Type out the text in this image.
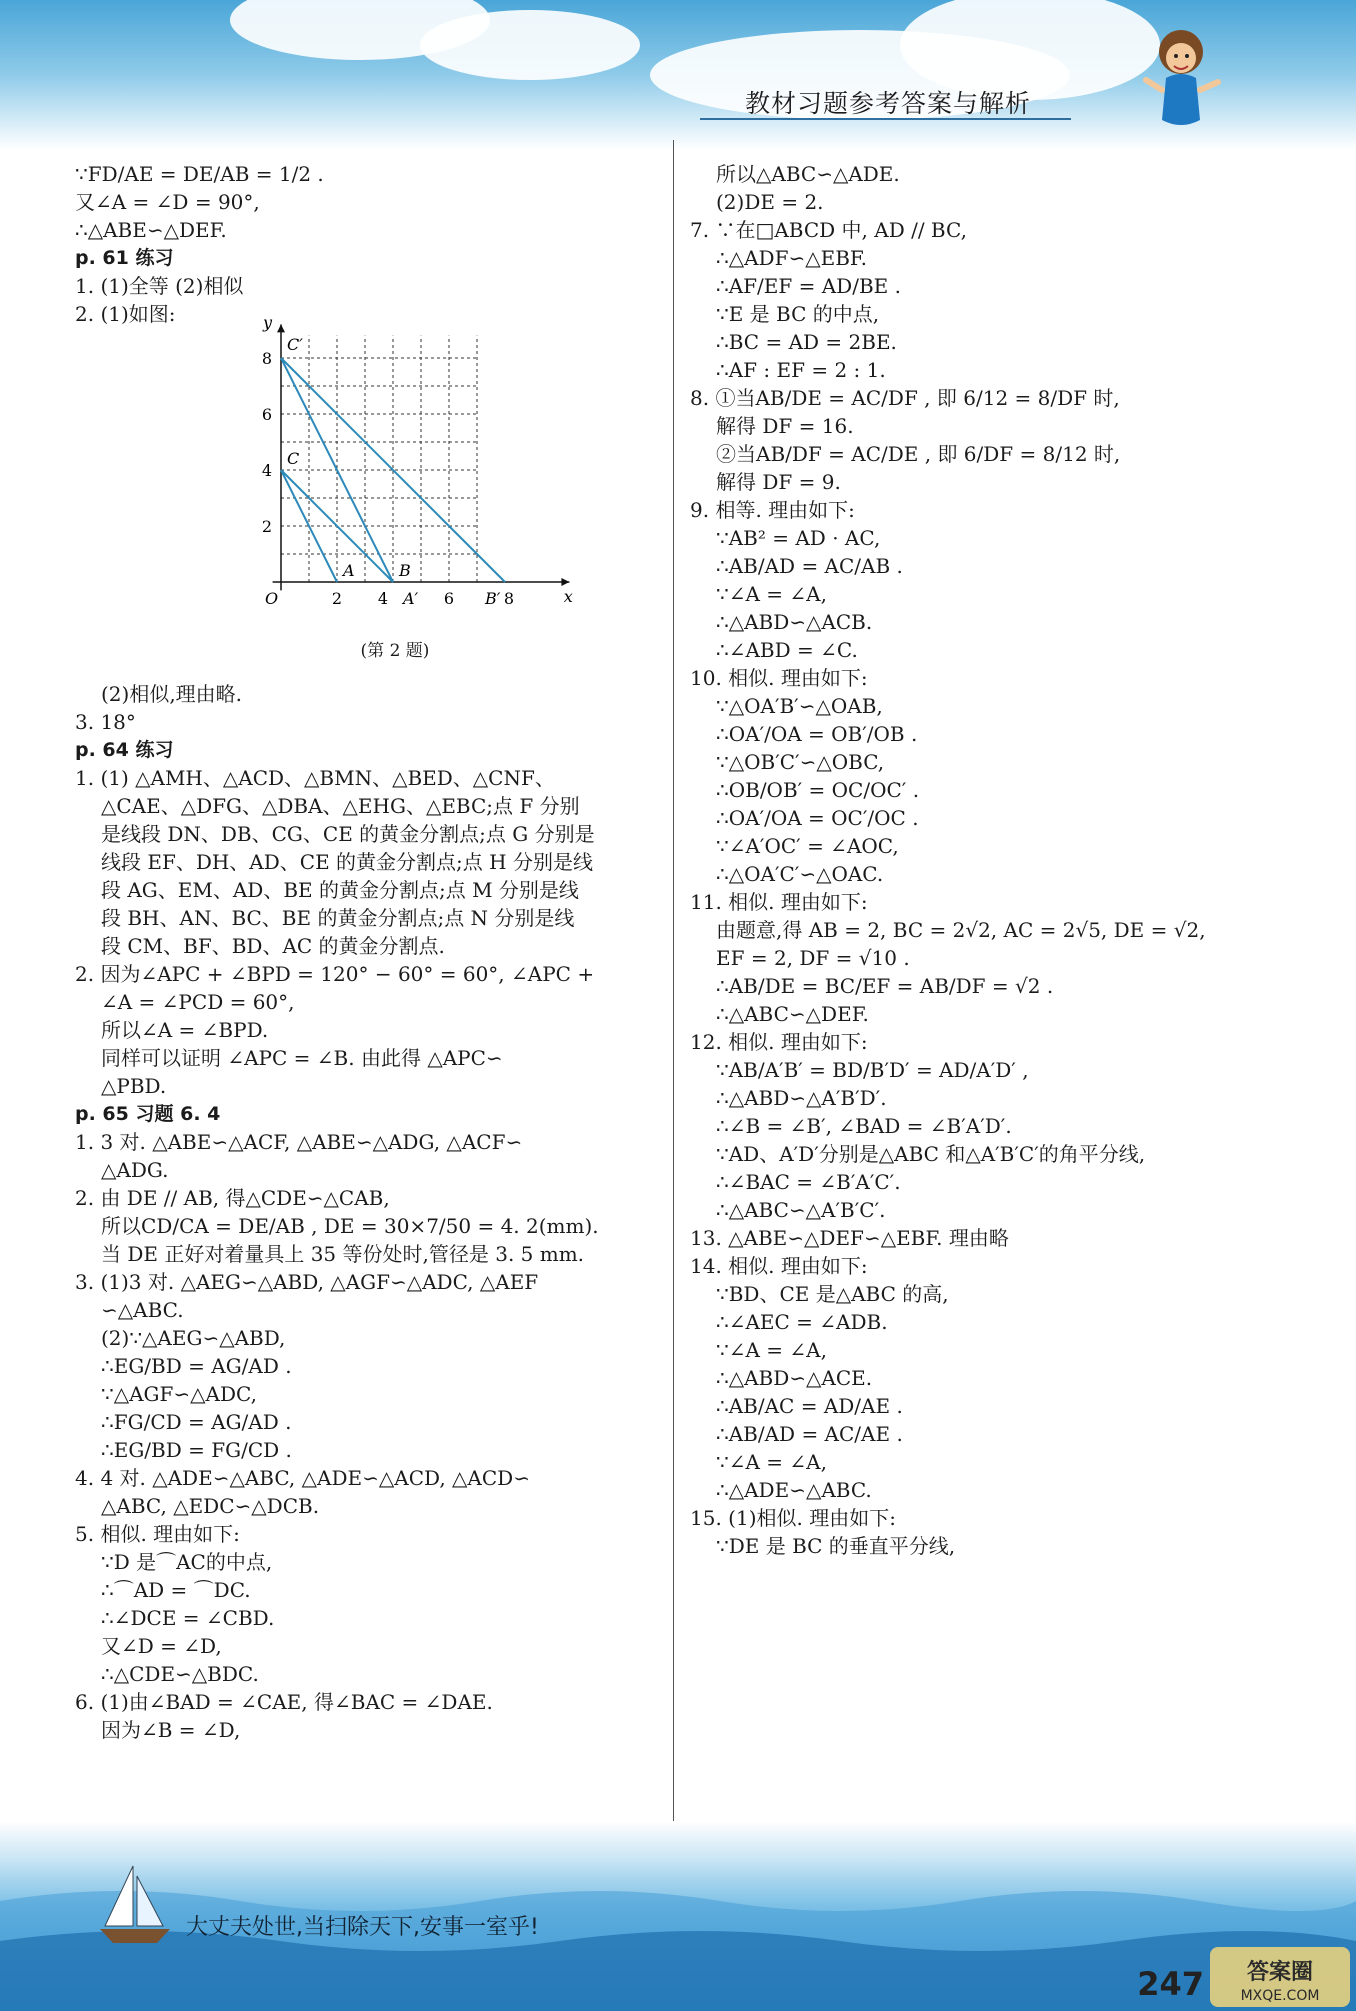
教材习题参考答案与解析

∵FD/AE = DE/AB = 1/2 .

又∠A = ∠D = 90°,

∴△ABE∽△DEF.

p. 61 练习

1. (1)全等 (2)相似

2. (1)如图:

2 4	6	8
2
4
6
8
O	x
y
C′
C
A	B
A′	B′

(第 2 题)

(2)相似,理由略.

3. 18°

p. 64 练习

1. (1) △AMH、△ACD、△BMN、△BED、△CNF、

△CAE、△DFG、△DBA、△EHG、△EBC;点 F 分别

是线段 DN、DB、CG、CE 的黄金分割点;点 G 分别是

线段 EF、DH、AD、CE 的黄金分割点;点 H 分别是线

段 AG、EM、AD、BE 的黄金分割点;点 M 分别是线

段 BH、AN、BC、BE 的黄金分割点;点 N 分别是线

段 CM、BF、BD、AC 的黄金分割点.

2. 因为∠APC + ∠BPD = 120° − 60° = 60°, ∠APC +

∠A = ∠PCD = 60°,

所以∠A = ∠BPD.

同样可以证明 ∠APC = ∠B. 由此得 △APC∽

△PBD.

p. 65 习题 6. 4

1. 3 对. △ABE∽△ACF, △ABE∽△ADG, △ACF∽

△ADG.

2. 由 DE // AB, 得△CDE∽△CAB,

所以CD/CA = DE/AB , DE = 30×7/50 = 4. 2(mm).

当 DE 正好对着量具上 35 等份处时,管径是 3. 5 mm.

3. (1)3 对. △AEG∽△ABD, △AGF∽△ADC, △AEF

∽△ABC.

(2)∵△AEG∽△ABD,

∴EG/BD = AG/AD .

∵△AGF∽△ADC,

∴FG/CD = AG/AD .

∴EG/BD = FG/CD .

4. 4 对. △ADE∽△ABC, △ADE∽△ACD, △ACD∽

△ABC, △EDC∽△DCB.

5. 相似. 理由如下:

∵D 是⌒AC的中点,

∴⌒AD = ⌒DC.

∴∠DCE = ∠CBD.

又∠D = ∠D,

∴△CDE∽△BDC.

6. (1)由∠BAD = ∠CAE, 得∠BAC = ∠DAE.

因为∠B = ∠D,

所以△ABC∽△ADE.

(2)DE = 2.

7. ∵在□ABCD 中, AD // BC,

∴△ADF∽△EBF.

∴AF/EF = AD/BE .

∵E 是 BC 的中点,

∴BC = AD = 2BE.

∴AF : EF = 2 : 1.

8. ①当AB/DE = AC/DF , 即 6/12 = 8/DF 时,

解得 DF = 16.

②当AB/DF = AC/DE , 即 6/DF = 8/12 时,

解得 DF = 9.

9. 相等. 理由如下:

∵AB² = AD · AC,

∴AB/AD = AC/AB .

∵∠A = ∠A,

∴△ABD∽△ACB.

∴∠ABD = ∠C.

10. 相似. 理由如下:

∵△OA′B′∽△OAB,

∴OA′/OA = OB′/OB .

∵△OB′C′∽△OBC,

∴OB/OB′ = OC/OC′ .

∴OA′/OA = OC′/OC .

∵∠A′OC′ = ∠AOC,

∴△OA′C′∽△OAC.

11. 相似. 理由如下:

由题意,得 AB = 2, BC = 2√2, AC = 2√5, DE = √2,

EF = 2, DF = √10 .

∴AB/DE = BC/EF = AB/DF = √2 .

∴△ABC∽△DEF.

12. 相似. 理由如下:

∵AB/A′B′ = BD/B′D′ = AD/A′D′ ,

∴△ABD∽△A′B′D′.

∴∠B = ∠B′, ∠BAD = ∠B′A′D′.

∵AD、A′D′分别是△ABC 和△A′B′C′的角平分线,

∴∠BAC = ∠B′A′C′.

∴△ABC∽△A′B′C′.

13. △ABE∽△DEF∽△EBF. 理由略

14. 相似. 理由如下:

∵BD、CE 是△ABC 的高,

∴∠AEC = ∠ADB.

∵∠A = ∠A,

∴△ABD∽△ACE.

∴AB/AC = AD/AE .

∴AB/AD = AC/AE .

∵∠A = ∠A,

∴△ADE∽△ABC.

15. (1)相似. 理由如下:

∵DE 是 BC 的垂直平分线,

大丈夫处世,当扫除天下,安事一室乎!
247 答案圈
MXQE.COM
